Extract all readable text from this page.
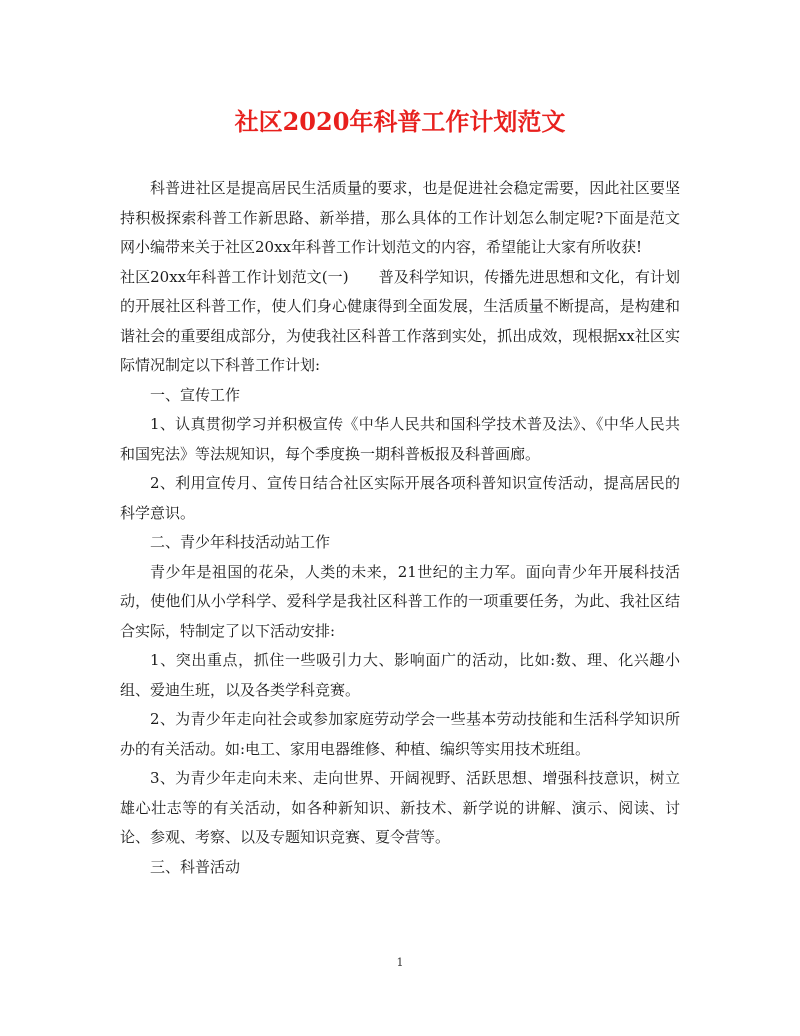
社区2020年科普工作计划范文

科普进社区是提高居民生活质量的要求，也是促进社会稳定需要，因此社区要坚持积极探索科普工作新思路、新举措，那么具体的工作计划怎么制定呢?下面是范文网小编带来关于社区20xx年科普工作计划范文的内容，希望能让大家有所收获!

社区20xx年科普工作计划范文(一)　　普及科学知识，传播先进思想和文化，有计划的开展社区科普工作，使人们身心健康得到全面发展，生活质量不断提高，是构建和谐社会的重要组成部分，为使我社区科普工作落到实处，抓出成效，现根据xx社区实际情况制定以下科普工作计划:

一、宣传工作

1、认真贯彻学习并积极宣传《中华人民共和国科学技术普及法》、《中华人民共和国宪法》等法规知识，每个季度换一期科普板报及科普画廊。

2、利用宣传月、宣传日结合社区实际开展各项科普知识宣传活动，提高居民的科学意识。

二、青少年科技活动站工作

青少年是祖国的花朵，人类的未来，21世纪的主力军。面向青少年开展科技活动，使他们从小学科学、爱科学是我社区科普工作的一项重要任务，为此、我社区结合实际，特制定了以下活动安排:

1、突出重点，抓住一些吸引力大、影响面广的活动，比如:数、理、化兴趣小组、爱迪生班，以及各类学科竞赛。

2、为青少年走向社会或参加家庭劳动学会一些基本劳动技能和生活科学知识所办的有关活动。如:电工、家用电器维修、种植、编织等实用技术班组。

3、为青少年走向未来、走向世界、开阔视野、活跃思想、增强科技意识，树立雄心壮志等的有关活动，如各种新知识、新技术、新学说的讲解、演示、阅读、讨论、参观、考察、以及专题知识竞赛、夏令营等。

三、科普活动

1
